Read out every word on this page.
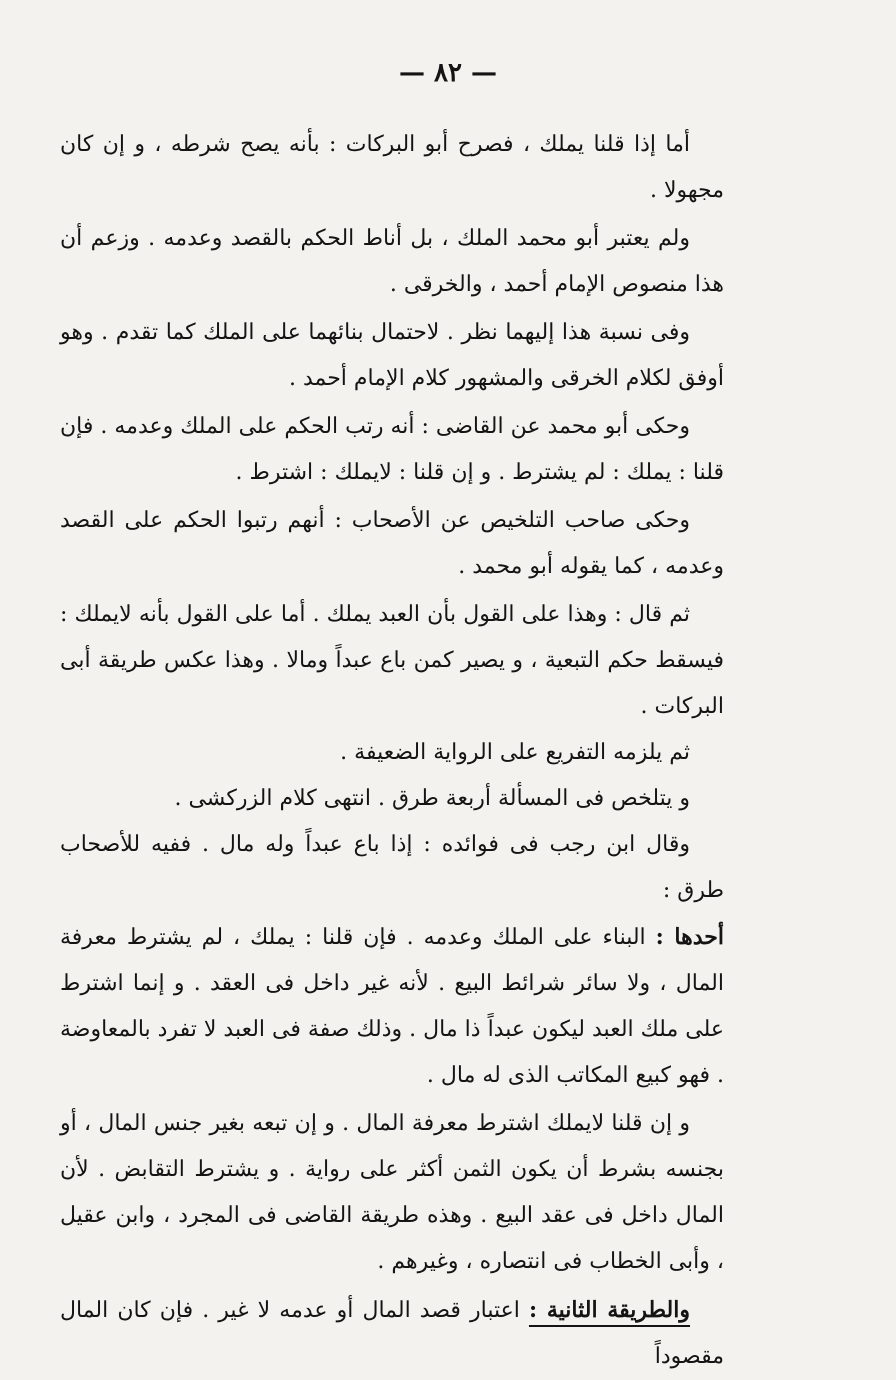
— ٨٢ —

أما إذا قلنا يملك ، فصرح أبو البركات : بأنه يصح شرطه ، و إن كان مجهولا .

ولم يعتبر أبو محمد الملك ، بل أناط الحكم بالقصد وعدمه . وزعم أن هذا منصوص الإمام أحمد ، والخرقى .

وفى نسبة هذا إليهما نظر . لاحتمال بنائهما على الملك كما تقدم . وهو أوفق لكلام الخرقى والمشهور كلام الإمام أحمد .

وحكى أبو محمد عن القاضى : أنه رتب الحكم على الملك وعدمه . فإن قلنا : يملك : لم يشترط . و إن قلنا : لايملك : اشترط .

وحكى صاحب التلخيص عن الأصحاب : أنهم رتبوا الحكم على القصد وعدمه ، كما يقوله أبو محمد .

ثم قال : وهذا على القول بأن العبد يملك . أما على القول بأنه لايملك : فيسقط حكم التبعية ، و يصير كمن باع عبداً ومالا . وهذا عكس طريقة أبى البركات .

ثم يلزمه التفريع على الرواية الضعيفة .

و يتلخص فى المسألة أربعة طرق . انتهى كلام الزركشى .

وقال ابن رجب فى فوائده : إذا باع عبداً وله مال . ففيه للأصحاب طرق :

أحدها : البناء على الملك وعدمه . فإن قلنا : يملك ، لم يشترط معرفة المال ، ولا سائر شرائط البيع . لأنه غير داخل فى العقد . و إنما اشترط على ملك العبد ليكون عبداً ذا مال . وذلك صفة فى العبد لا تفرد بالمعاوضة . فهو كبيع المكاتب الذى له مال .

و إن قلنا لايملك اشترط معرفة المال . و إن تبعه بغير جنس المال ، أو بجنسه بشرط أن يكون الثمن أكثر على رواية . و يشترط التقابض . لأن المال داخل فى عقد البيع . وهذه طريقة القاضى فى المجرد ، وابن عقيل ، وأبى الخطاب فى انتصاره ، وغيرهم .

والطريقة الثانية : اعتبار قصد المال أو عدمه لا غير . فإن كان المال مقصوداً
